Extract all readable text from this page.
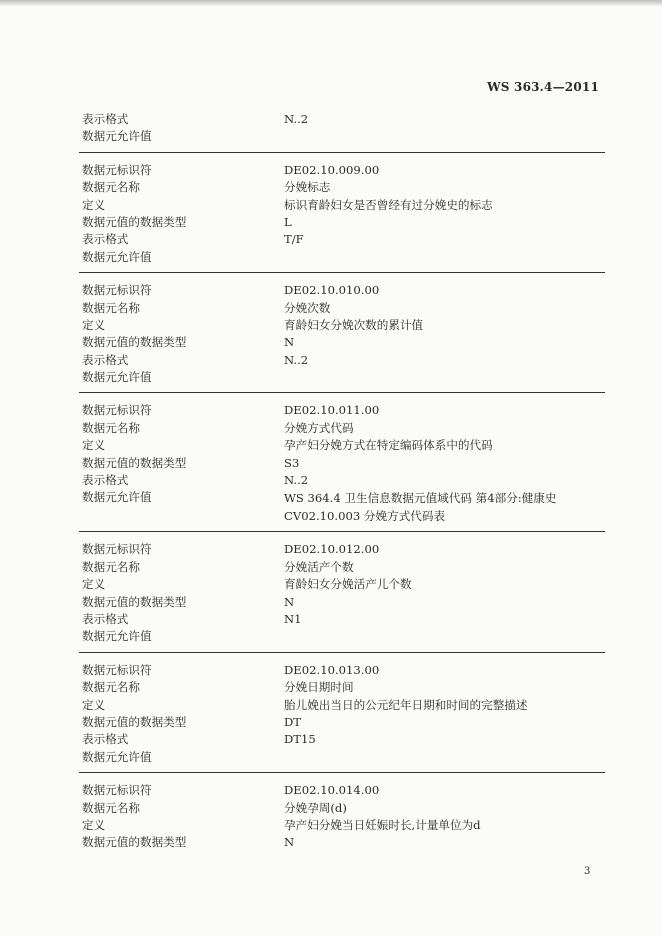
WS 363.4—2011
表示格式	N..2
数据元允许值
数据元标识符	DE02.10.009.00
数据元名称	分娩标志
定义	标识育龄妇女是否曾经有过分娩史的标志
数据元值的数据类型	L
表示格式	T/F
数据元允许值
数据元标识符	DE02.10.010.00
数据元名称	分娩次数
定义	育龄妇女分娩次数的累计值
数据元值的数据类型	N
表示格式	N..2
数据元允许值
数据元标识符	DE02.10.011.00
数据元名称	分娩方式代码
定义	孕产妇分娩方式在特定编码体系中的代码
数据元值的数据类型	S3
表示格式	N..2
数据元允许值	WS 364.4 卫生信息数据元值域代码 第4部分:健康史
CV02.10.003 分娩方式代码表
数据元标识符	DE02.10.012.00
数据元名称	分娩活产个数
定义	育龄妇女分娩活产儿个数
数据元值的数据类型	N
表示格式	N1
数据元允许值
数据元标识符	DE02.10.013.00
数据元名称	分娩日期时间
定义	胎儿娩出当日的公元纪年日期和时间的完整描述
数据元值的数据类型	DT
表示格式	DT15
数据元允许值
数据元标识符	DE02.10.014.00
数据元名称	分娩孕周(d)
定义	孕产妇分娩当日妊娠时长,计量单位为d
数据元值的数据类型	N
3
